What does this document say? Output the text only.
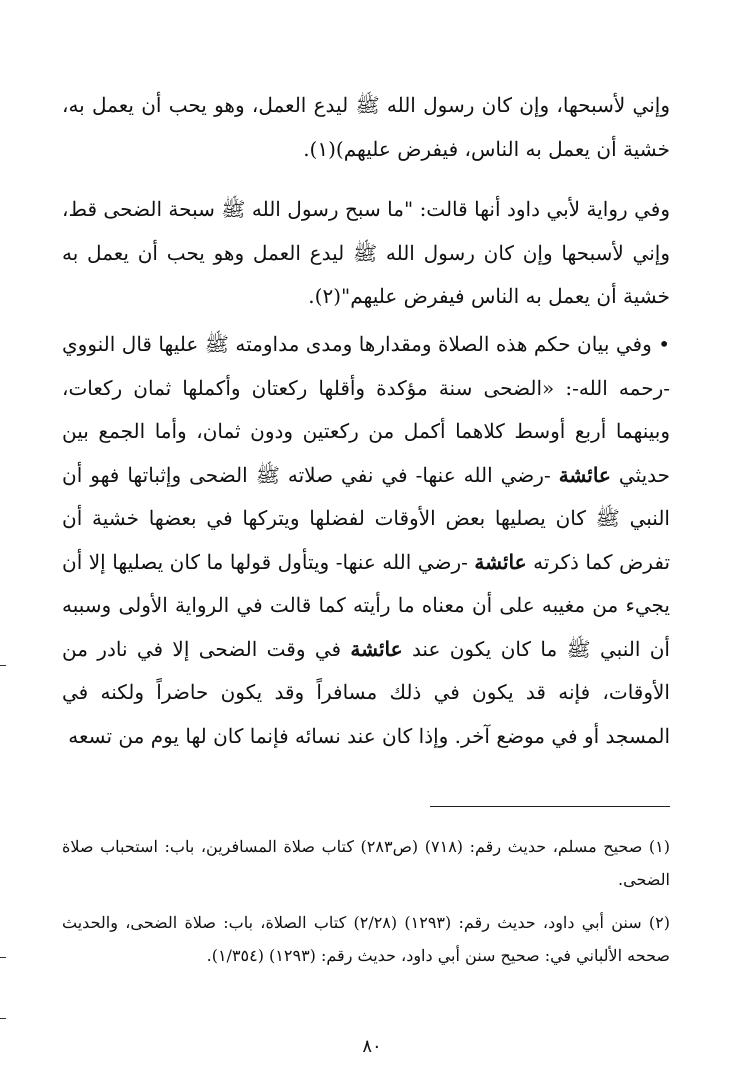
وإني لأسبحها، وإن كان رسول الله ﷺ ليدع العمل، وهو يحب أن يعمل به، خشية أن يعمل به الناس، فيفرض عليهم)(١).

وفي رواية لأبي داود أنها قالت: "ما سبح رسول الله ﷺ سبحة الضحى قط، وإني لأسبحها وإن كان رسول الله ﷺ ليدع العمل وهو يحب أن يعمل به خشية أن يعمل به الناس فيفرض عليهم"(٢).

• وفي بيان حكم هذه الصلاة ومقدارها ومدى مداومته ﷺ عليها قال النووي -رحمه الله-: «الضحى سنة مؤكدة وأقلها ركعتان وأكملها ثمان ركعات، وبينهما أربع أوسط كلاهما أكمل من ركعتين ودون ثمان، وأما الجمع بين حديثي عائشة -رضي الله عنها- في نفي صلاته ﷺ الضحى وإثباتها فهو أن النبي ﷺ كان يصليها بعض الأوقات لفضلها ويتركها في بعضها خشية أن تفرض كما ذكرته عائشة -رضي الله عنها- ويتأول قولها ما كان يصليها إلا أن يجيء من مغيبه على أن معناه ما رأيته كما قالت في الرواية الأولى وسببه أن النبي ﷺ ما كان يكون عند عائشة في وقت الضحى إلا في نادر من الأوقات، فإنه قد يكون في ذلك مسافراً وقد يكون حاضراً ولكنه في المسجد أو في موضع آخر. وإذا كان عند نسائه فإنما كان لها يوم من تسعه

(١) صحيح مسلم، حديث رقم: (٧١٨) (ص٢٨٣) كتاب صلاة المسافرين، باب: استحباب صلاة الضحى.

(٢) سنن أبي داود، حديث رقم: (١٢٩٣) (٢/٢٨) كتاب الصلاة، باب: صلاة الضحى، والحديث صححه الألباني في: صحيح سنن أبي داود، حديث رقم: (١٢٩٣) (١/٣٥٤).

٨٠
